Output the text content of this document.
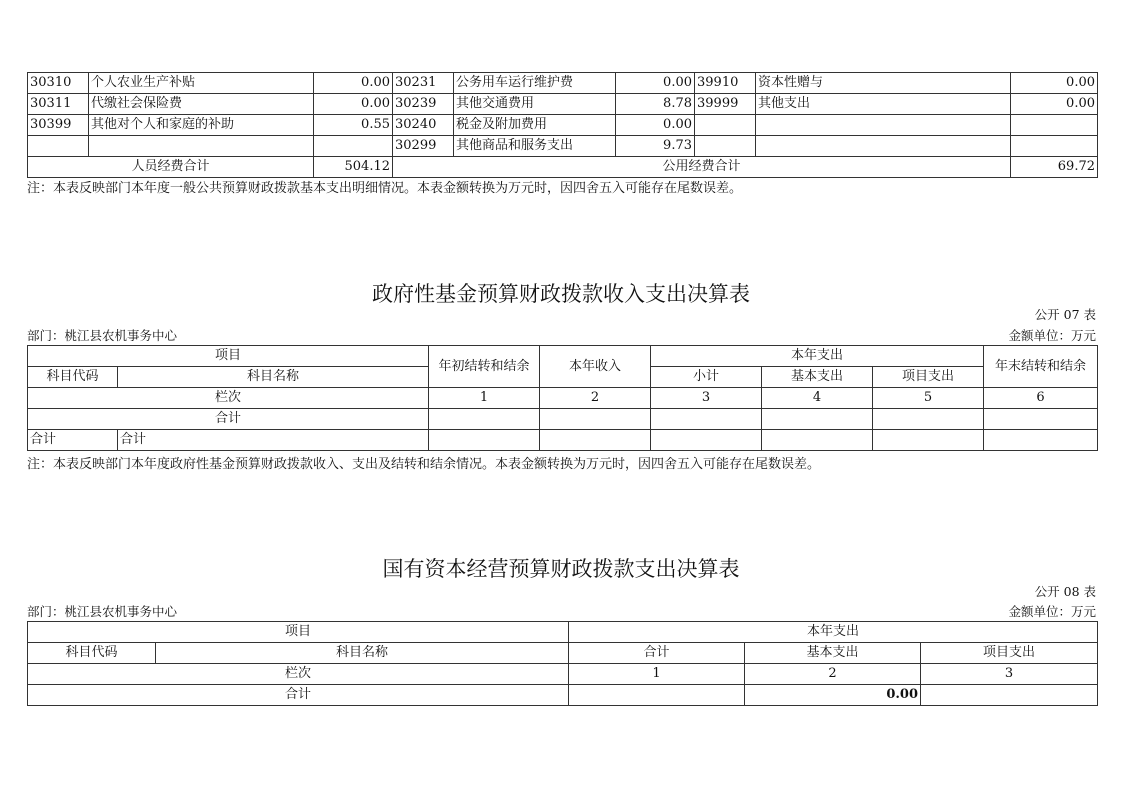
30310	个人农业生产补贴	0.00	30231	公务用车运行维护费	0.00	39910	资本性赠与	0.00
30311	代缴社会保险费	0.00	30239	其他交通费用	8.78	39999	其他支出	0.00
30399	其他对个人和家庭的补助	0.55	30240	税金及附加费用	0.00			
			30299	其他商品和服务支出	9.73			
人员经费合计		504.12	公用经费合计					69.72
注：本表反映部门本年度一般公共预算财政拨款基本支出明细情况。本表金额转换为万元时，因四舍五入可能存在尾数误差。
政府性基金预算财政拨款收入支出决算表
公开 07 表
部门：桃江县农机事务中心	金额单位：万元
项目		年初结转和结余	本年收入	本年支出			年末结转和结余
科目代码	科目名称			小计	基本支出	项目支出	
栏次		1	2	3	4	5	6
合计							
合计	合计						
注：本表反映部门本年度政府性基金预算财政拨款收入、支出及结转和结余情况。本表金额转换为万元时，因四舍五入可能存在尾数误差。
国有资本经营预算财政拨款支出决算表
公开 08 表
部门：桃江县农机事务中心	金额单位：万元
项目		本年支出		
科目代码	科目名称	合计	基本支出	项目支出
栏次		1	2	3
合计			0.00	
